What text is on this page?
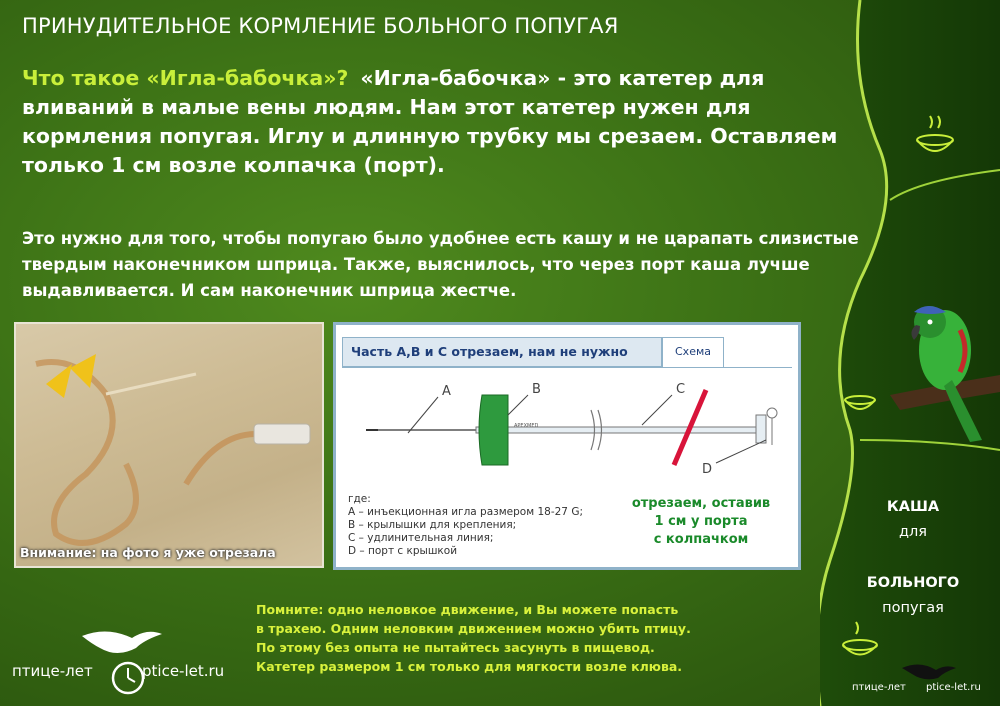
ПРИНУДИТЕЛЬНОЕ КОРМЛЕНИЕ БОЛЬНОГО ПОПУГАЯ
Что такое «Игла-бабочка»? «Игла-бабочка» - это катетер для вливаний в малые вены людям. Нам этот катетер нужен для кормления попугая. Иглу и длинную трубку мы срезаем. Оставляем только 1 см возле колпачка (порт).
Это нужно для того, чтобы попугаю было удобнее есть кашу и не царапать слизистые твердым наконечником шприца. Также, выяснилось, что через порт каша лучше выдавливается. И сам наконечник шприца жестче.
Внимание: на фото я уже отрезала
Часть А,В и С отрезаем, нам не нужно	Схема
APEXMED
A	B	C
D
где:
A – инъекционная игла размером 18-27 G;
B – крылышки для крепления;
C – удлинительная линия;
D – порт с крышкой
отрезаем, оставив
1 см у порта
с колпачком
Помните: одно неловкое движение, и Вы можете попасть
в трахею. Одним неловким движением можно убить птицу.
По этому без опыта не пытайтесь засунуть в пищевод.
Катетер размером 1 см только для мягкости возле клюва.
птице-лет	ptice-let.ru
КАША
для
БОЛЬНОГО
попугая
птице-лет ptice-let.ru
